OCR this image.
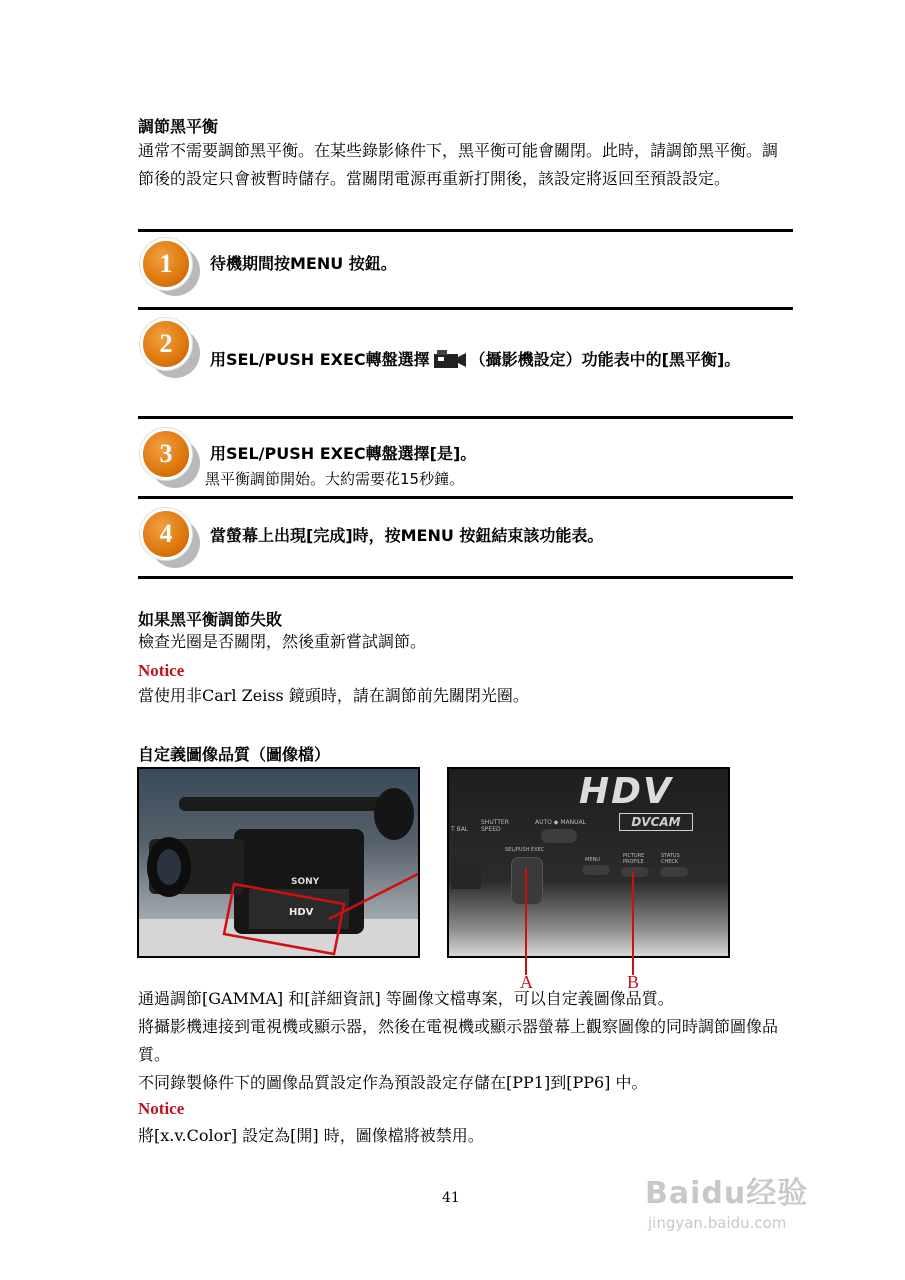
調節黑平衡
通常不需要調節黑平衡。在某些錄影條件下，黑平衡可能會關閉。此時，請調節黑平衡。調節後的設定只會被暫時儲存。當關閉電源再重新打開後，該設定將返回至預設設定。
1	待機期間按MENU 按鈕。
2
用SEL/PUSH EXEC轉盤選擇	（攝影機設定）功能表中的[黑平衡]。
3	用SEL/PUSH EXEC轉盤選擇[是]。
黑平衡調節開始。大約需要花15秒鐘。
4	當螢幕上出現[完成]時，按MENU 按鈕結束該功能表。
如果黑平衡調節失敗
檢查光圈是否關閉，然後重新嘗試調節。
Notice
當使用非Carl Zeiss 鏡頭時，請在調節前先關閉光圈。
自定義圖像品質（圖像檔）
SONY
HDV
HDV
DVCAM
SHUTTER SPEED
T BAL
AUTO ◆ MANUAL
SEL/PUSH EXEC
MENU
PICTURE PROFILE
STATUS CHECK
A	B
通過調節[GAMMA] 和[詳細資訊] 等圖像文檔專案，可以自定義圖像品質。
將攝影機連接到電視機或顯示器，然後在電視機或顯示器螢幕上觀察圖像的同時調節圖像品質。
不同錄製條件下的圖像品質設定作為預設設定存儲在[PP1]到[PP6] 中。
Notice
將[x.v.Color] 設定為[開] 時，圖像檔將被禁用。
41	Baidu经验
jingyan.baidu.com
